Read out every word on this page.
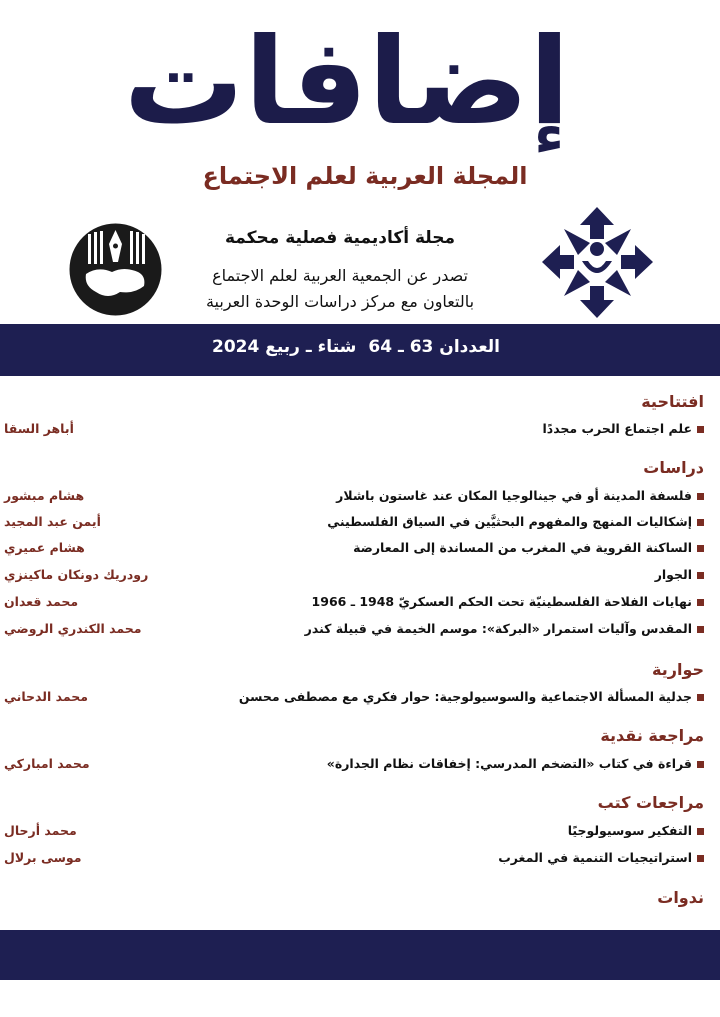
إضافات
المجلة العربية لعلم الاجتماع
مجلة أكاديمية فصلية محكمة
تصدر عن الجمعية العربية لعلم الاجتماع
بالتعاون مع مركز دراسات الوحدة العربية
العددان 63 ـ 64
شتاء ـ ربيع 2024
افتتاحية
علم اجتماع الحرب مجددًا
أباهر السقا
دراسات
فلسفة المدينة أو في جينالوجيا المكان عند غاستون باشلار
هشام مبشور
إشكاليات المنهج والمفهوم البحثيَّين في السياق الفلسطيني
أيمن عبد المجيد
الساكنة القروية في المغرب من المساندة إلى المعارضة
هشام عميري
الجوار
رودريك دونكان ماكينزي
نهايات الفلاحة الفلسطينيّة تحت الحكم العسكريّ 1948 ـ 1966
محمد قعدان
المقدس وآليات استمرار «البركة»: موسم الخيمة في قبيلة كندر
محمد الكندري الروضي
حوارية
جدلية المسألة الاجتماعية والسوسيولوجية: حوار فكري مع مصطفى محسن
محمد الدحاني
مراجعة نقدية
قراءة في كتاب «التضخم المدرسي: إخفاقات نظام الجدارة»
محمد امباركي
مراجعات كتب
التفكير سوسيولوجيًا
محمد أرحال
استراتيجيات التنمية في المغرب
موسى برلال
ندوات
